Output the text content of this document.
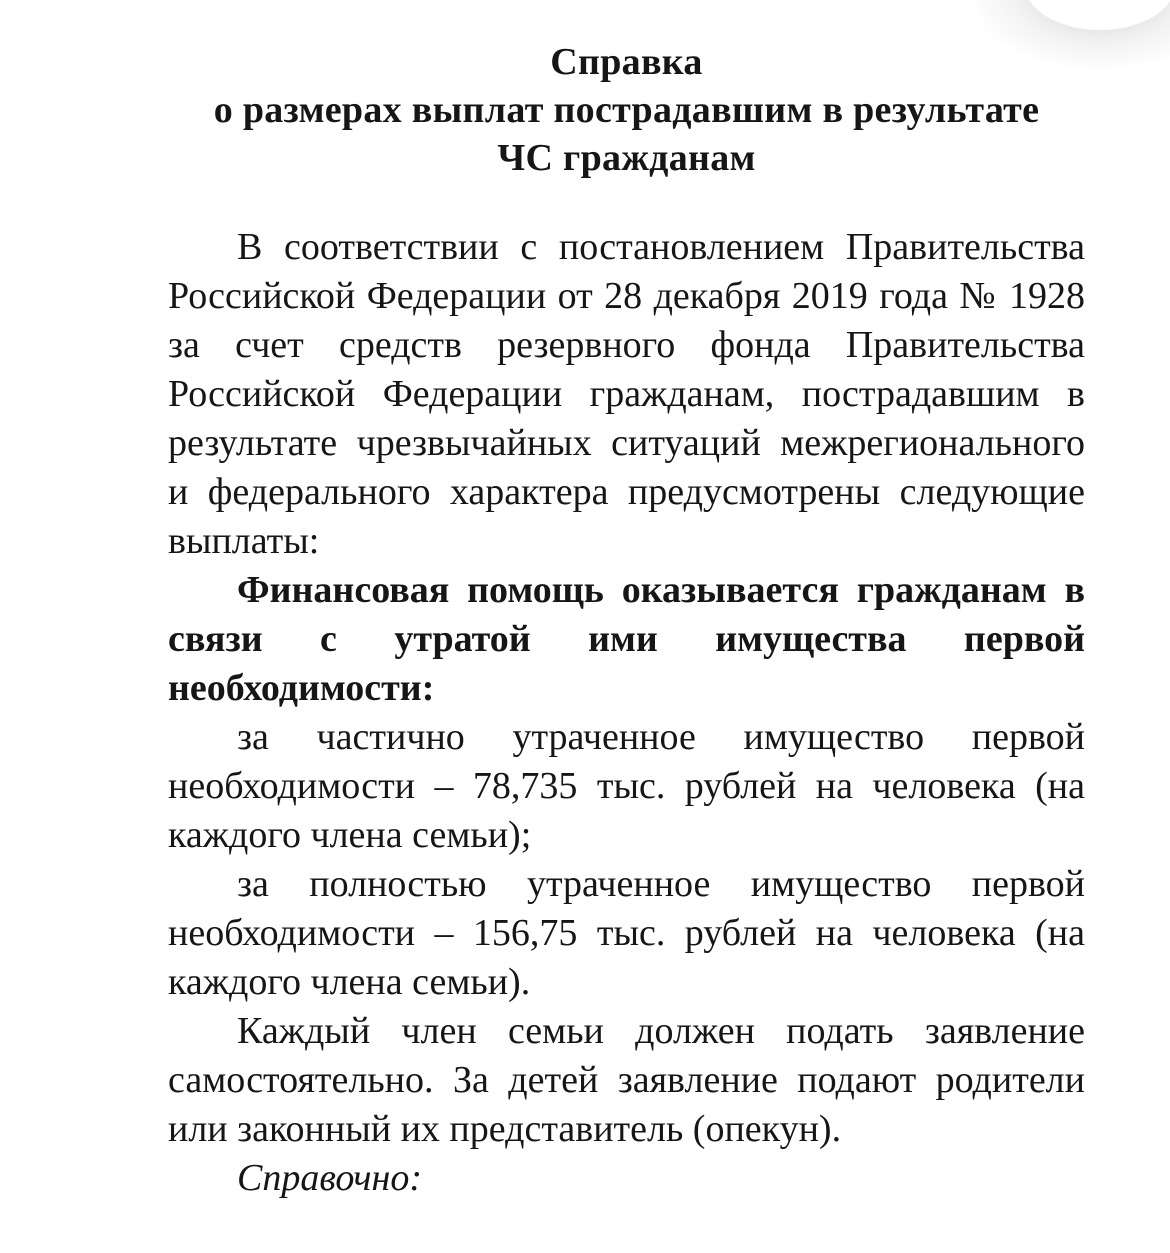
Справка
о размерах выплат пострадавшим в результате
ЧС гражданам

В соответствии с постановлением Правительства Российской Федерации от 28 декабря 2019 года № 1928 за счет средств резервного фонда Правительства Российской Федерации гражданам, пострадавшим в результате чрезвычайных ситуаций межрегионального и федерального характера предусмотрены следующие выплаты:

Финансовая помощь оказывается гражданам в связи с утратой ими имущества первой необходимости:

за частично утраченное имущество первой необходимости – 78,735 тыс. рублей на человека (на каждого члена семьи);

за полностью утраченное имущество первой необходимости – 156,75 тыс. рублей на человека (на каждого члена семьи).

Каждый член семьи должен подать заявление самостоятельно. За детей заявление подают родители или законный их представитель (опекун).

Справочно:
